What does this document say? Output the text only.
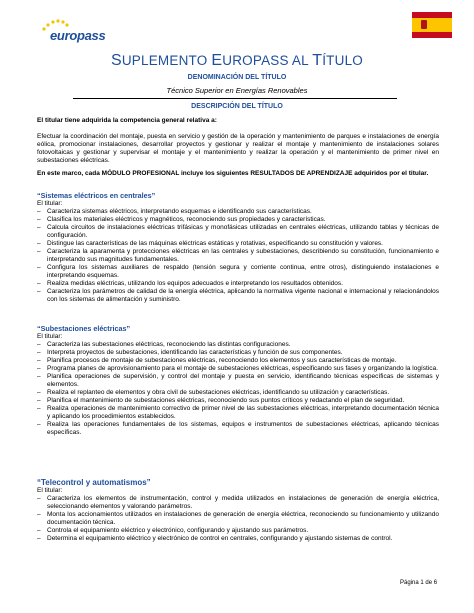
europass
SUPLEMENTO EUROPASS AL TÍTULO
DENOMINACIÓN DEL TÍTULO
Técnico Superior en Energías Renovables
DESCRIPCIÓN DEL TÍTULO
El titular tiene adquirida la competencia general relativa a:
Efectuar la coordinación del montaje, puesta en servicio y gestión de la operación y mantenimiento de parques e instalaciones de energía eólica, promocionar instalaciones, desarrollar proyectos y gestionar y realizar el montaje y mantenimiento de instalaciones solares fotovoltaicas y gestionar y supervisar el montaje y el mantenimiento y realizar la operación y el mantenimiento de primer nivel en subestaciones eléctricas.
En este marco, cada MÓDULO PROFESIONAL incluye los siguientes RESULTADOS DE APRENDIZAJE adquiridos por el titular.
“Sistemas eléctricos en centrales”
El titular:
– Caracteriza sistemas eléctricos, interpretando esquemas e identificando sus características.
– Clasifica los materiales eléctricos y magnéticos, reconociendo sus propiedades y características.
– Calcula circuitos de instalaciones eléctricas trifásicas y monofásicas utilizadas en centrales eléctricas, utilizando tablas y técnicas de configuración.
– Distingue las características de las máquinas eléctricas estáticas y rotativas, especificando su constitución y valores.
– Caracteriza la aparamenta y protecciones eléctricas en las centrales y subestaciones, describiendo su constitución, funcionamiento e interpretando sus magnitudes fundamentales.
– Configura los sistemas auxiliares de respaldo (tensión segura y corriente continua, entre otros), distinguiendo instalaciones e interpretando esquemas.
– Realiza medidas eléctricas, utilizando los equipos adecuados e interpretando los resultados obtenidos.
– Caracteriza los parámetros de calidad de la energía eléctrica, aplicando la normativa vigente nacional e internacional y relacionándolos con los sistemas de alimentación y suministro.
“Subestaciones eléctricas”
El titular:
– Caracteriza las subestaciones eléctricas, reconociendo las distintas configuraciones.
– Interpreta proyectos de subestaciones, identificando las características y función de sus componentes.
– Planifica procesos de montaje de subestaciones eléctricas, reconociendo los elementos y sus características de montaje.
– Programa planes de aprovisionamiento para el montaje de subestaciones eléctricas, especificando sus fases y organizando la logística.
– Planifica operaciones de supervisión, y control del montaje y puesta en servicio, identificando técnicas específicas de sistemas y elementos.
– Realiza el replanteo de elementos y obra civil de subestaciones eléctricas, identificando su utilización y características.
– Planifica el mantenimiento de subestaciones eléctricas, reconociendo sus puntos críticos y redactando el plan de seguridad.
– Realiza operaciones de mantenimiento correctivo de primer nivel de las subestaciones eléctricas, interpretando documentación técnica y aplicando los procedimientos establecidos.
– Realiza las operaciones fundamentales de los sistemas, equipos e instrumentos de subestaciones eléctricas, aplicando técnicas específicas.
“Telecontrol y automatismos”
El titular:
– Caracteriza los elementos de instrumentación, control y medida utilizados en instalaciones de generación de energía eléctrica, seleccionando elementos y valorando parámetros.
– Monta los accionamientos utilizados en instalaciones de generación de energía eléctrica, reconociendo su funcionamiento y utilizando documentación técnica.
– Controla el equipamiento eléctrico y electrónico, configurando y ajustando sus parámetros.
– Determina el equipamiento eléctrico y electrónico de control en centrales, configurando y ajustando sistemas de control.
Página 1 de 6
